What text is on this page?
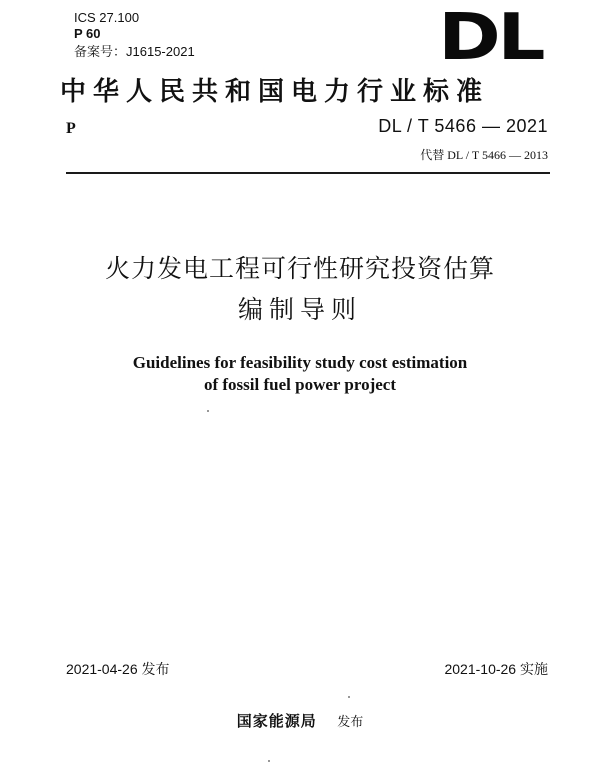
ICS 27.100
P 60
备案号：J1615-2021	DL
中华人民共和国电力行业标准
P	DL / T 5466 — 2021
代替 DL / T 5466 — 2013
火力发电工程可行性研究投资估算
编制导则
Guidelines for feasibility study cost estimation
of fossil fuel power project
2021-04-26 发布	2021-10-26 实施
国家能源局 发布
